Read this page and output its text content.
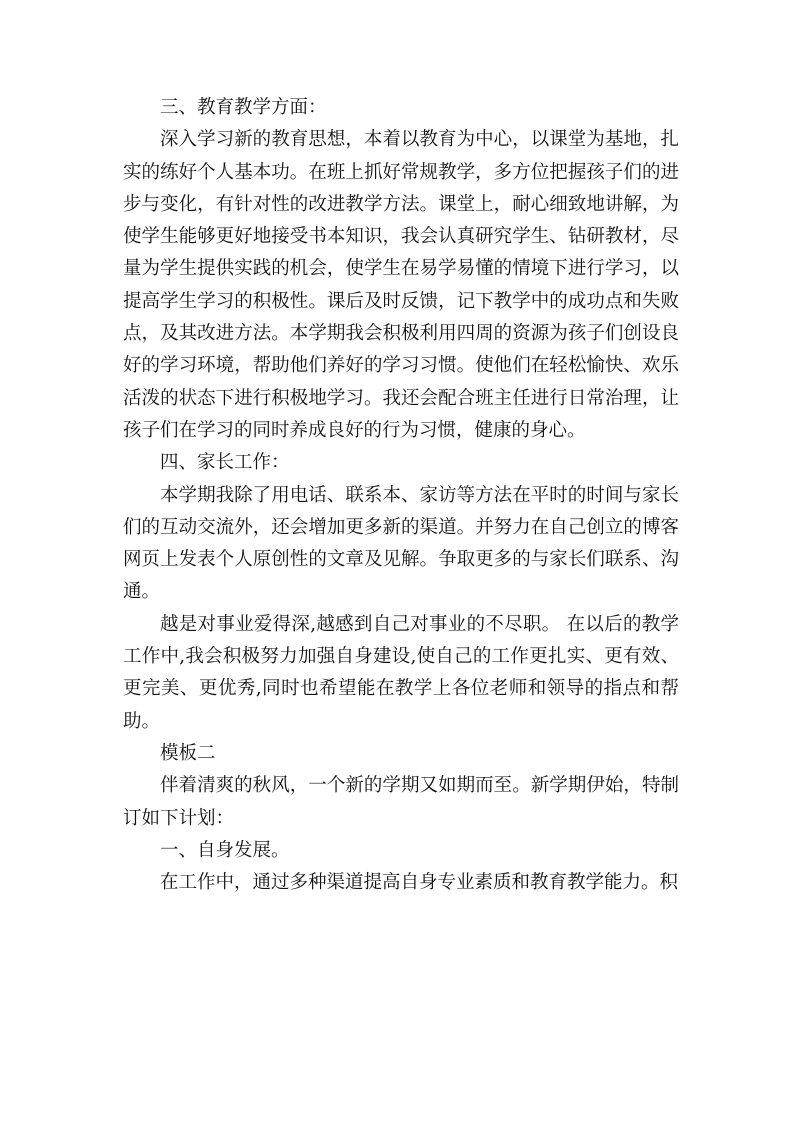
三、教育教学方面：

深入学习新的教育思想，本着以教育为中心，以课堂为基地，扎实的练好个人基本功。在班上抓好常规教学，多方位把握孩子们的进步与变化，有针对性的改进教学方法。课堂上，耐心细致地讲解，为使学生能够更好地接受书本知识，我会认真研究学生、钻研教材，尽量为学生提供实践的机会，使学生在易学易懂的情境下进行学习，以提高学生学习的积极性。课后及时反馈，记下教学中的成功点和失败点，及其改进方法。本学期我会积极利用四周的资源为孩子们创设良好的学习环境，帮助他们养好的学习习惯。使他们在轻松愉快、欢乐活泼的状态下进行积极地学习。我还会配合班主任进行日常治理，让孩子们在学习的同时养成良好的行为习惯，健康的身心。

四、家长工作：

本学期我除了用电话、联系本、家访等方法在平时的时间与家长们的互动交流外，还会增加更多新的渠道。并努力在自己创立的博客网页上发表个人原创性的文章及见解。争取更多的与家长们联系、沟通。

越是对事业爱得深,越感到自己对事业的不尽职。 在以后的教学工作中,我会积极努力加强自身建设,使自己的工作更扎实、更有效、更完美、更优秀,同时也希望能在教学上各位老师和领导的指点和帮助。

模板二

伴着清爽的秋风，一个新的学期又如期而至。新学期伊始，特制订如下计划：

一、自身发展。

在工作中，通过多种渠道提高自身专业素质和教育教学能力。积
